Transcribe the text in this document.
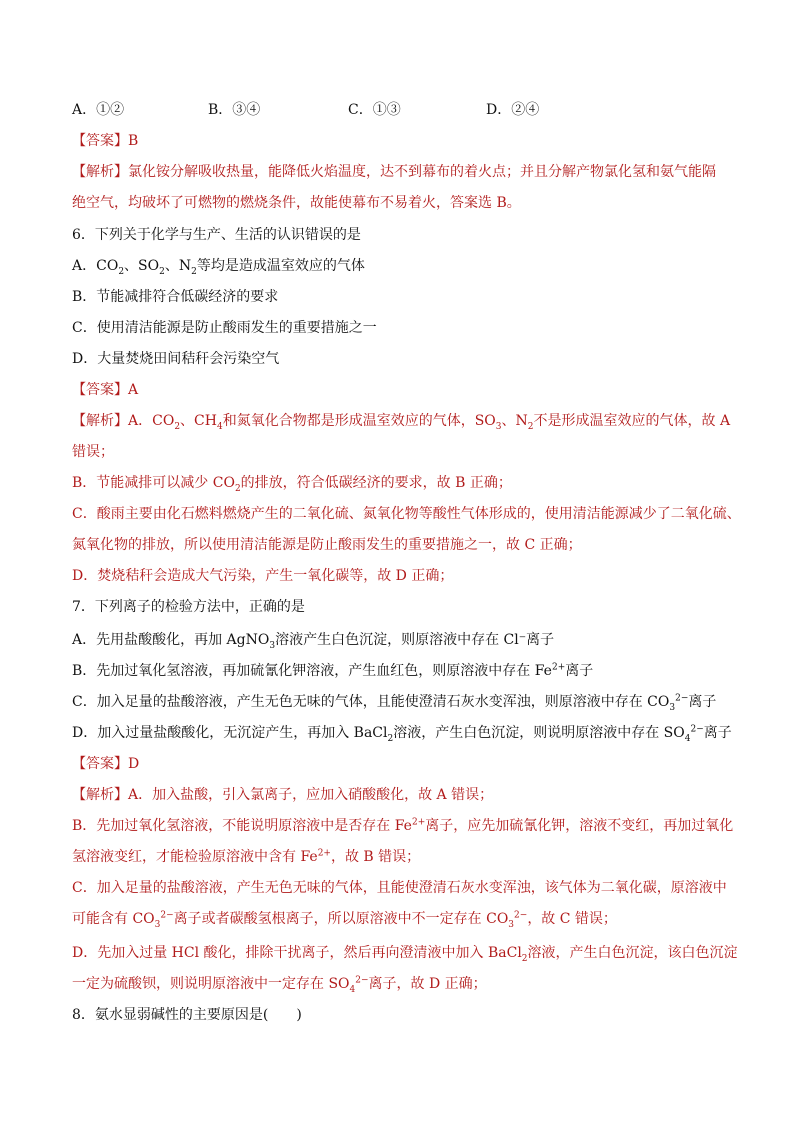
A．①②	B．③④	C．①③	D．②④
【答案】B
【解析】氯化铵分解吸收热量，能降低火焰温度，达不到幕布的着火点；并且分解产物氯化氢和氨气能隔
绝空气，均破坏了可燃物的燃烧条件，故能使幕布不易着火，答案选 B。
6．下列关于化学与生产、生活的认识错误的是
A．$CO_2$、$SO_2$、$N_2$等均是造成温室效应的气体
B．节能减排符合低碳经济的要求
C．使用清洁能源是防止酸雨发生的重要措施之一
D．大量焚烧田间秸秆会污染空气
【答案】A
【解析】A．$CO_2$、$CH_4$和氮氧化合物都是形成温室效应的气体，$SO_3$、$N_2$不是形成温室效应的气体，故 A
错误；
B．节能减排可以减少 $CO_2$的排放，符合低碳经济的要求，故 B 正确；
C．酸雨主要由化石燃料燃烧产生的二氧化硫、氮氧化物等酸性气体形成的，使用清洁能源减少了二氧化硫、
氮氧化物的排放，所以使用清洁能源是防止酸雨发生的重要措施之一，故 C 正确；
D．焚烧秸秆会造成大气污染，产生一氧化碳等，故 D 正确；
7．下列离子的检验方法中，正确的是
A．先用盐酸酸化，再加 AgNO$_3$溶液产生白色沉淀，则原溶液中存在 Cl⁻离子
B．先加过氧化氢溶液，再加硫氰化钾溶液，产生血红色，则原溶液中存在 $Fe^{2+}$离子
C．加入足量的盐酸溶液，产生无色无味的气体，且能使澄清石灰水变浑浊，则原溶液中存在 $CO_3^{2-}$离子
D．加入过量盐酸酸化，无沉淀产生，再加入 BaCl$_2$溶液，产生白色沉淀，则说明原溶液中存在 $SO_4^{2-}$离子
【答案】D
【解析】A．加入盐酸，引入氯离子，应加入硝酸酸化，故 A 错误；
B．先加过氧化氢溶液，不能说明原溶液中是否存在 $Fe^{2+}$离子，应先加硫氰化钾，溶液不变红，再加过氧化
氢溶液变红，才能检验原溶液中含有 $Fe^{2+}$，故 B 错误；
C．加入足量的盐酸溶液，产生无色无味的气体，且能使澄清石灰水变浑浊，该气体为二氧化碳，原溶液中
可能含有 $CO_3^{2-}$离子或者碳酸氢根离子，所以原溶液中不一定存在 $CO_3^{2-}$，故 C 错误；
D．先加入过量 HCl 酸化，排除干扰离子，然后再向澄清液中加入 BaCl$_2$溶液，产生白色沉淀，该白色沉淀
一定为硫酸钡，则说明原溶液中一定存在 $SO_4^{2-}$离子，故 D 正确；
8．氨水显弱碱性的主要原因是(　　)
